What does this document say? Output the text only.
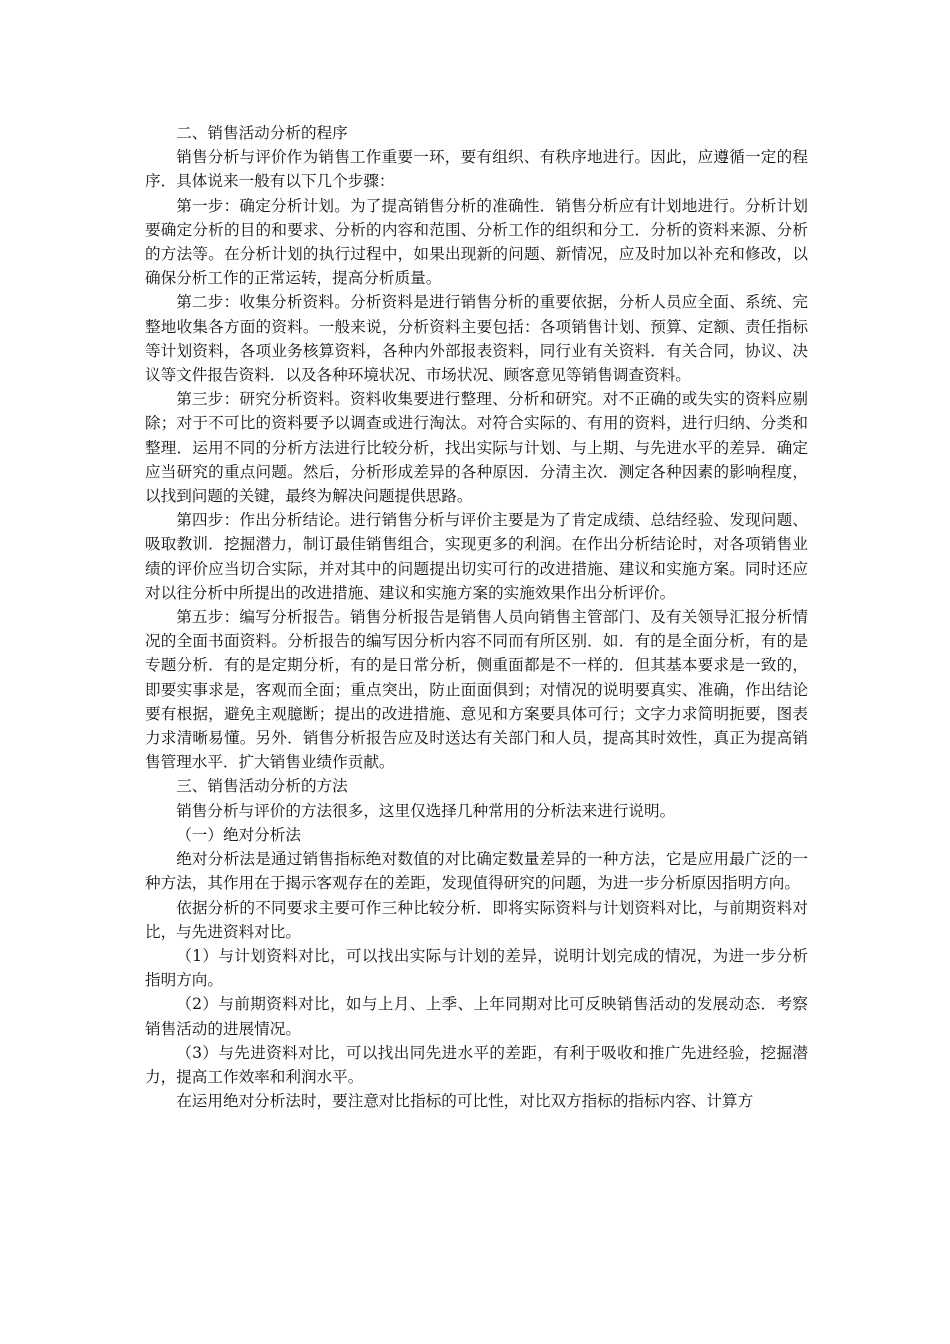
二、销售活动分析的程序

销售分析与评价作为销售工作重要一环，要有组织、有秩序地进行。因此，应遵循一定的程序．具体说来一般有以下几个步骤：

第一步：确定分析计划。为了提高销售分析的准确性．销售分析应有计划地进行。分析计划要确定分析的目的和要求、分析的内容和范围、分析工作的组织和分工．分析的资料来源、分析的方法等。在分析计划的执行过程中，如果出现新的问题、新情况，应及时加以补充和修改，以确保分析工作的正常运转，提高分析质量。

第二步：收集分析资料。分析资料是进行销售分析的重要依据，分析人员应全面、系统、完整地收集各方面的资料。一般来说，分析资料主要包括：各项销售计划、预算、定额、责任指标等计划资料，各项业务核算资料，各种内外部报表资料，同行业有关资料．有关合同，协议、决议等文件报告资料．以及各种环境状况、市场状况、顾客意见等销售调查资料。

第三步：研究分析资料。资料收集要进行整理、分析和研究。对不正确的或失实的资料应剔除；对于不可比的资料要予以调查或进行淘汰。对符合实际的、有用的资料，进行归纳、分类和整理．运用不同的分析方法进行比较分析，找出实际与计划、与上期、与先进水平的差异．确定应当研究的重点问题。然后，分析形成差异的各种原因．分清主次．测定各种因素的影响程度，以找到问题的关键，最终为解决问题提供思路。

第四步：作出分析结论。进行销售分析与评价主要是为了肯定成绩、总结经验、发现问题、吸取教训．挖掘潜力，制订最佳销售组合，实现更多的利润。在作出分析结论时，对各项销售业绩的评价应当切合实际，并对其中的问题提出切实可行的改进措施、建议和实施方案。同时还应对以往分析中所提出的改进措施、建议和实施方案的实施效果作出分析评价。

第五步：编写分析报告。销售分析报告是销售人员向销售主管部门、及有关领导汇报分析情况的全面书面资料。分析报告的编写因分析内容不同而有所区别．如．有的是全面分析，有的是专题分析．有的是定期分析，有的是日常分析，侧重面都是不一样的．但其基本要求是一致的，即要实事求是，客观而全面；重点突出，防止面面俱到；对情况的说明要真实、准确，作出结论要有根据，避免主观臆断；提出的改进措施、意见和方案要具体可行；文字力求简明扼要，图表力求清晰易懂。另外．销售分析报告应及时送达有关部门和人员，提高其时效性，真正为提高销售管理水平．扩大销售业绩作贡献。

三、销售活动分析的方法

销售分析与评价的方法很多，这里仅选择几种常用的分析法来进行说明。

（一）绝对分析法

绝对分析法是通过销售指标绝对数值的对比确定数量差异的一种方法，它是应用最广泛的一种方法，其作用在于揭示客观存在的差距，发现值得研究的问题，为进一步分析原因指明方向。

依据分析的不同要求主要可作三种比较分析．即将实际资料与计划资料对比，与前期资料对比，与先进资料对比。

（1）与计划资料对比，可以找出实际与计划的差异，说明计划完成的情况，为进一步分析指明方向。

（2）与前期资料对比，如与上月、上季、上年同期对比可反映销售活动的发展动态．考察销售活动的进展情况。

（3）与先进资料对比，可以找出同先进水平的差距，有利于吸收和推广先进经验，挖掘潜力，提高工作效率和利润水平。

在运用绝对分析法时，要注意对比指标的可比性，对比双方指标的指标内容、计算方
